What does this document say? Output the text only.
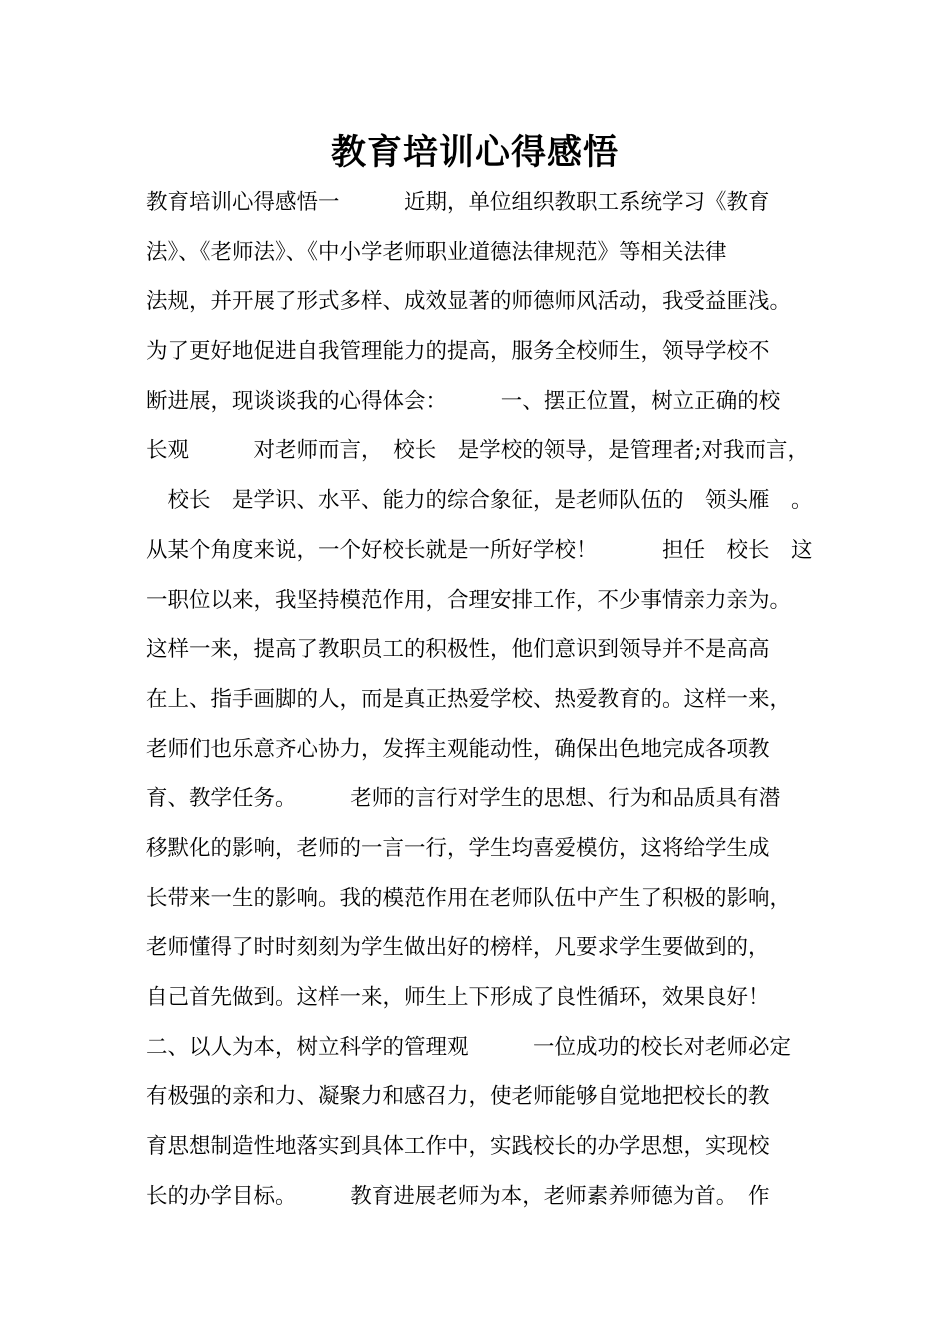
教育培训心得感悟
教育培训心得感悟一　　　近期，单位组织教职工系统学习《教育
法》、《老师法》、《中小学老师职业道德法律规范》等相关法律
法规，并开展了形式多样、成效显著的师德师风活动，我受益匪浅。
为了更好地促进自我管理能力的提高，服务全校师生，领导学校不
断进展，现谈谈我的心得体会：　　　一、摆正位置，树立正确的校
长观　　　对老师而言，　校长　是学校的领导，是管理者;对我而言，
　校长　是学识、水平、能力的综合象征，是老师队伍的　领头雁　。
从某个角度来说，一个好校长就是一所好学校！　　　担任　校长　这
一职位以来，我坚持模范作用，合理安排工作，不少事情亲力亲为。
这样一来，提高了教职员工的积极性，他们意识到领导并不是高高
在上、指手画脚的人，而是真正热爱学校、热爱教育的。这样一来，
老师们也乐意齐心协力，发挥主观能动性，确保出色地完成各项教
育、教学任务。　　　老师的言行对学生的思想、行为和品质具有潜
移默化的影响，老师的一言一行，学生均喜爱模仿，这将给学生成
长带来一生的影响。我的模范作用在老师队伍中产生了积极的影响，
老师懂得了时时刻刻为学生做出好的榜样，凡要求学生要做到的，
自己首先做到。这样一来，师生上下形成了良性循环，效果良好！
二、以人为本，树立科学的管理观　　　一位成功的校长对老师必定
有极强的亲和力、凝聚力和感召力，使老师能够自觉地把校长的教
育思想制造性地落实到具体工作中，实践校长的办学思想，实现校
长的办学目标。　　　教育进展老师为本，老师素养师德为首。　作
